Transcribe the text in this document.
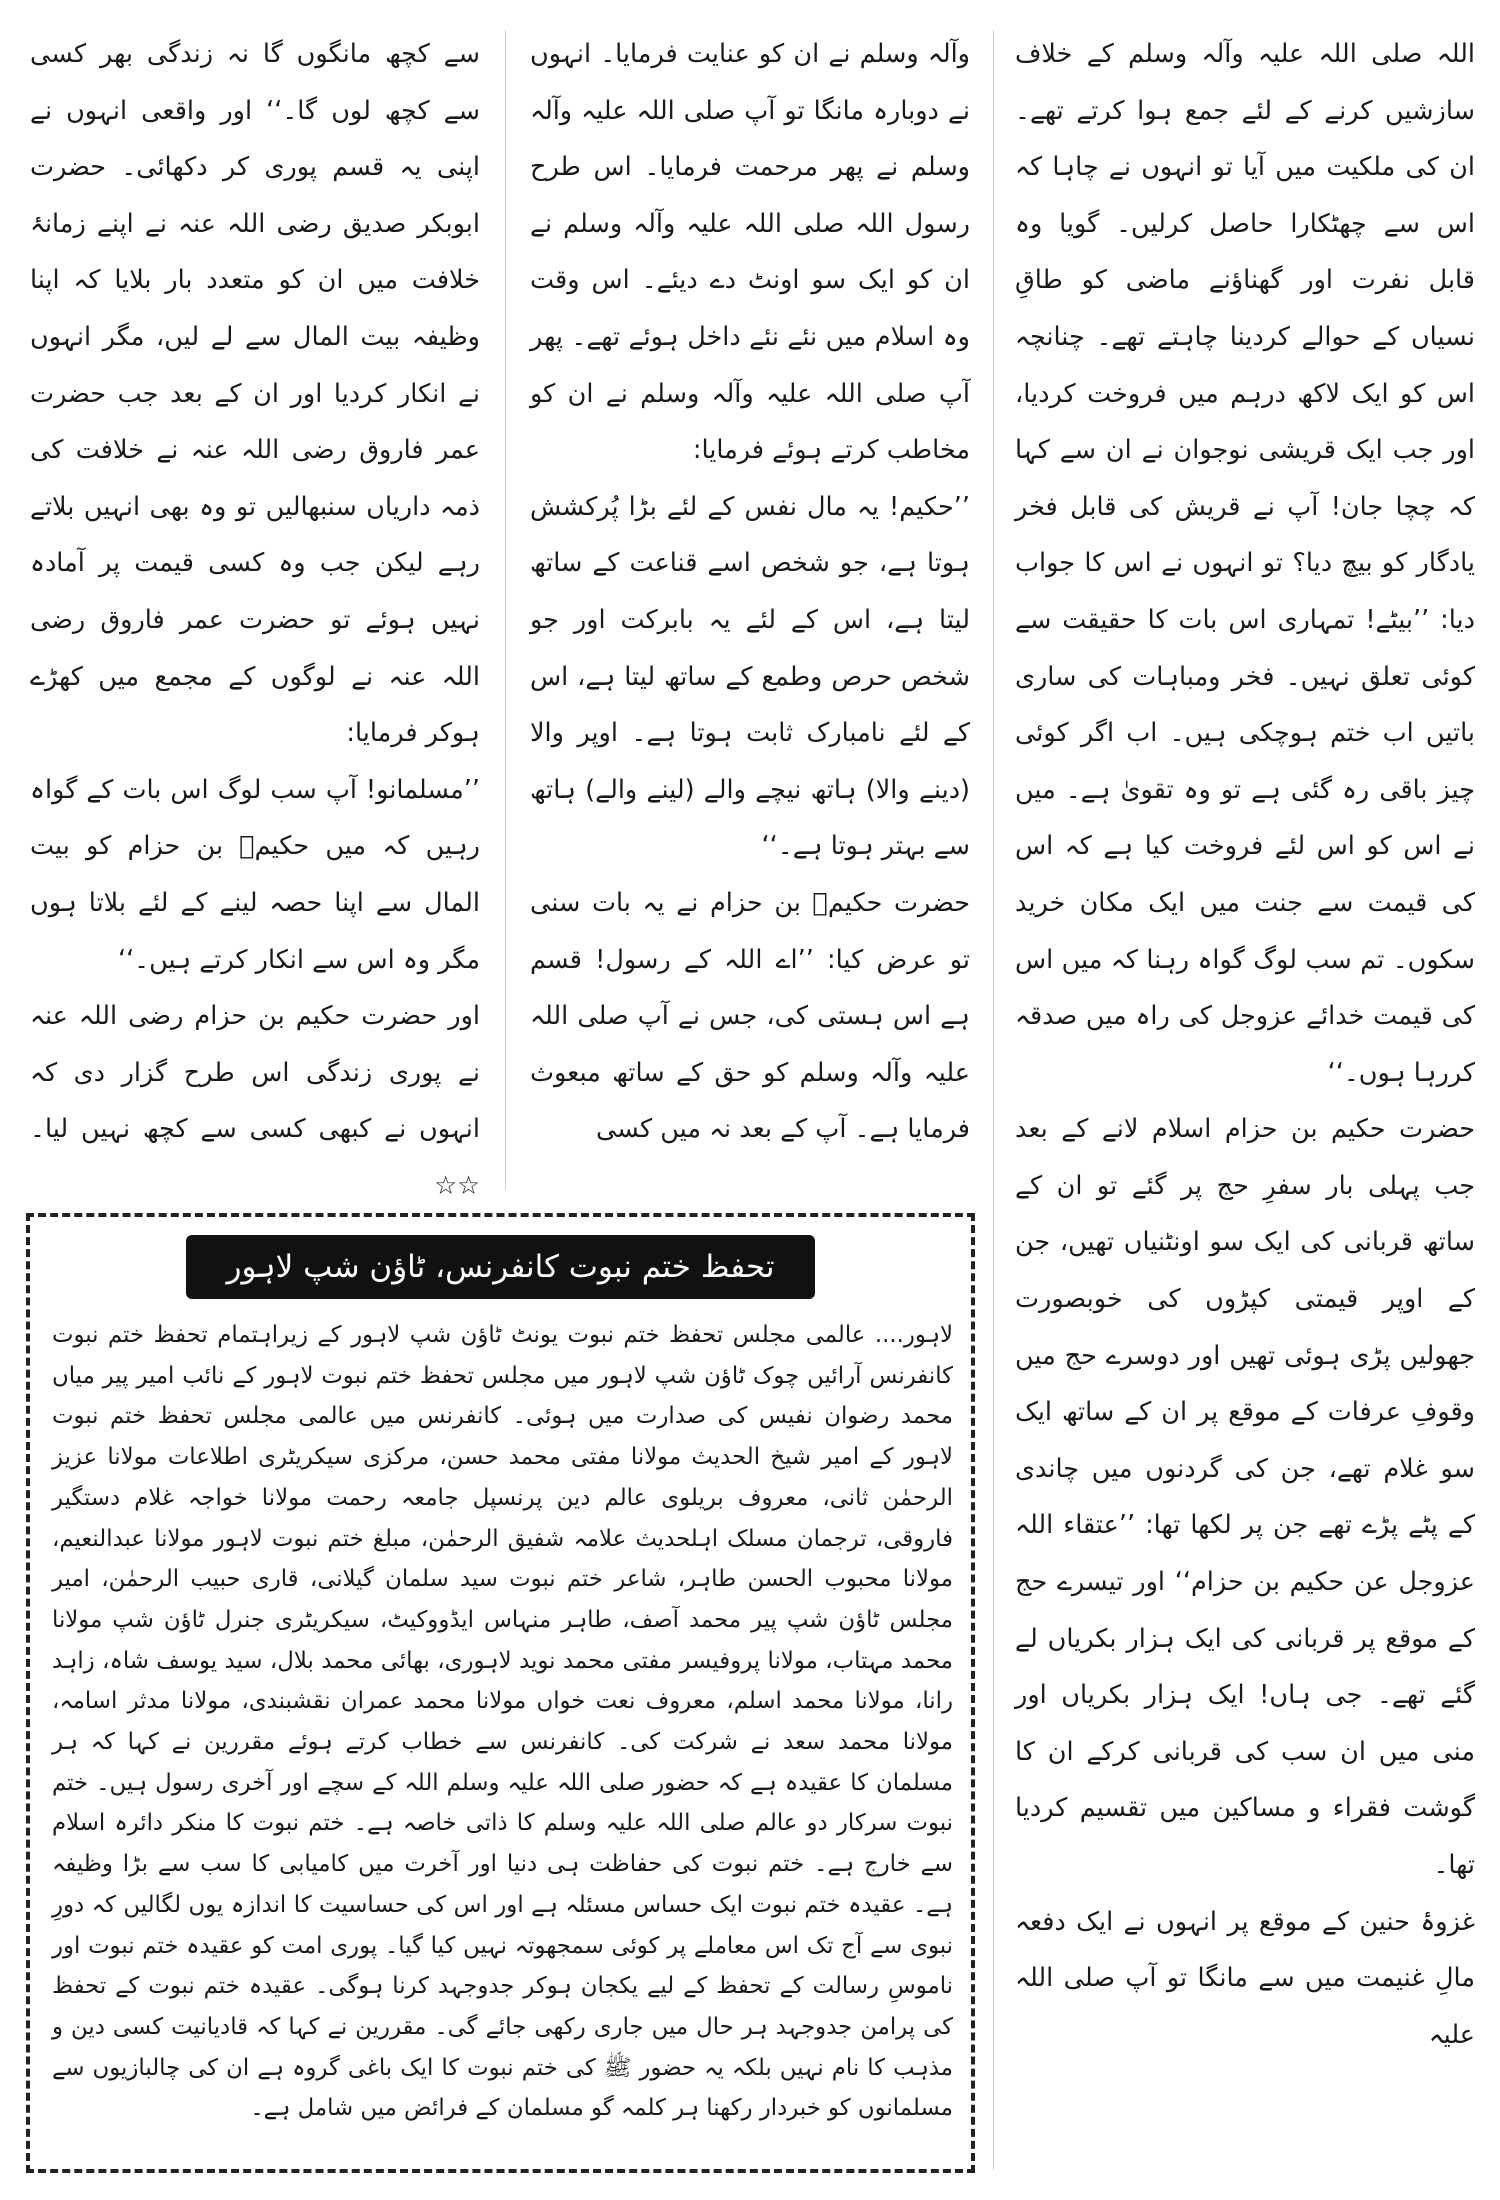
اللہ صلی اللہ علیہ وآلہ وسلم کے خلاف سازشیں کرنے کے لئے جمع ہوا کرتے تھے۔ ان کی ملکیت میں آیا تو انہوں نے چاہا کہ اس سے چھٹکارا حاصل کرلیں۔ گویا وہ قابل نفرت اور گھناؤنے ماضی کو طاقِ نسیاں کے حوالے کردینا چاہتے تھے۔ چنانچہ اس کو ایک لاکھ درہم میں فروخت کردیا، اور جب ایک قریشی نوجوان نے ان سے کہا کہ چچا جان! آپ نے قریش کی قابل فخر یادگار کو بیچ دیا؟ تو انہوں نے اس کا جواب دیا: ’’بیٹے! تمہاری اس بات کا حقیقت سے کوئی تعلق نہیں۔ فخر ومباہات کی ساری باتیں اب ختم ہوچکی ہیں۔ اب اگر کوئی چیز باقی رہ گئی ہے تو وہ تقویٰ ہے۔ میں نے اس کو اس لئے فروخت کیا ہے کہ اس کی قیمت سے جنت میں ایک مکان خرید سکوں۔ تم سب لوگ گواہ رہنا کہ میں اس کی قیمت خدائے عزوجل کی راہ میں صدقہ کررہا ہوں۔‘‘

حضرت حکیم بن حزام اسلام لانے کے بعد جب پہلی بار سفرِ حج پر گئے تو ان کے ساتھ قربانی کی ایک سو اونٹنیاں تھیں، جن کے اوپر قیمتی کپڑوں کی خوبصورت جھولیں پڑی ہوئی تھیں اور دوسرے حج میں وقوفِ عرفات کے موقع پر ان کے ساتھ ایک سو غلام تھے، جن کی گردنوں میں چاندی کے پٹے پڑے تھے جن پر لکھا تھا: ’’عتقاء اللہ عزوجل عن حکیم بن حزام‘‘ اور تیسرے حج کے موقع پر قربانی کی ایک ہزار بکریاں لے گئے تھے۔ جی ہاں! ایک ہزار بکریاں اور منی میں ان سب کی قربانی کرکے ان کا گوشت فقراء و مساکین میں تقسیم کردیا تھا۔

غزوۂ حنین کے موقع پر انہوں نے ایک دفعہ مالِ غنیمت میں سے مانگا تو آپ صلی اللہ علیہ

وآلہ وسلم نے ان کو عنایت فرمایا۔ انہوں نے دوبارہ مانگا تو آپ صلی اللہ علیہ وآلہ وسلم نے پھر مرحمت فرمایا۔ اس طرح رسول اللہ صلی اللہ علیہ وآلہ وسلم نے ان کو ایک سو اونٹ دے دیئے۔ اس وقت وہ اسلام میں نئے نئے داخل ہوئے تھے۔ پھر آپ صلی اللہ علیہ وآلہ وسلم نے ان کو مخاطب کرتے ہوئے فرمایا:

’’حکیم! یہ مال نفس کے لئے بڑا پُرکشش ہوتا ہے، جو شخص اسے قناعت کے ساتھ لیتا ہے، اس کے لئے یہ بابرکت اور جو شخص حرص وطمع کے ساتھ لیتا ہے، اس کے لئے نامبارک ثابت ہوتا ہے۔ اوپر والا (دینے والا) ہاتھ نیچے والے (لینے والے) ہاتھ سے بہتر ہوتا ہے۔‘‘

حضرت حکیمؓ بن حزام نے یہ بات سنی تو عرض کیا: ’’اے اللہ کے رسول! قسم ہے اس ہستی کی، جس نے آپ صلی اللہ علیہ وآلہ وسلم کو حق کے ساتھ مبعوث فرمایا ہے۔ آپ کے بعد نہ میں کسی

سے کچھ مانگوں گا نہ زندگی بھر کسی سے کچھ لوں گا۔‘‘ اور واقعی انہوں نے اپنی یہ قسم پوری کر دکھائی۔ حضرت ابوبکر صدیق رضی اللہ عنہ نے اپنے زمانۂ خلافت میں ان کو متعدد بار بلایا کہ اپنا وظیفہ بیت المال سے لے لیں، مگر انہوں نے انکار کردیا اور ان کے بعد جب حضرت عمر فاروق رضی اللہ عنہ نے خلافت کی ذمہ داریاں سنبھالیں تو وہ بھی انہیں بلاتے رہے لیکن جب وہ کسی قیمت پر آمادہ نہیں ہوئے تو حضرت عمر فاروق رضی اللہ عنہ نے لوگوں کے مجمع میں کھڑے ہوکر فرمایا:

’’مسلمانو! آپ سب لوگ اس بات کے گواہ رہیں کہ میں حکیمؓ بن حزام کو بیت المال سے اپنا حصہ لینے کے لئے بلاتا ہوں مگر وہ اس سے انکار کرتے ہیں۔‘‘

اور حضرت حکیم بن حزام رضی اللہ عنہ نے پوری زندگی اس طرح گزار دی کہ انہوں نے کبھی کسی سے کچھ نہیں لیا۔☆☆

تحفظ ختم نبوت کانفرنس، ٹاؤن شپ لاہور

لاہور.... عالمی مجلس تحفظ ختم نبوت یونٹ ٹاؤن شپ لاہور کے زیراہتمام تحفظ ختم نبوت کانفرنس آرائیں چوک ٹاؤن شپ لاہور میں مجلس تحفظ ختم نبوت لاہور کے نائب امیر پیر میاں محمد رضوان نفیس کی صدارت میں ہوئی۔ کانفرنس میں عالمی مجلس تحفظ ختم نبوت لاہور کے امیر شیخ الحدیث مولانا مفتی محمد حسن، مرکزی سیکریٹری اطلاعات مولانا عزیز الرحمٰن ثانی، معروف بریلوی عالم دین پرنسپل جامعہ رحمت مولانا خواجہ غلام دستگیر فاروقی، ترجمان مسلک اہلحدیث علامہ شفیق الرحمٰن، مبلغ ختم نبوت لاہور مولانا عبدالنعیم، مولانا محبوب الحسن طاہر، شاعر ختم نبوت سید سلمان گیلانی، قاری حبیب الرحمٰن، امیر مجلس ٹاؤن شپ پیر محمد آصف، طاہر منہاس ایڈووکیٹ، سیکریٹری جنرل ٹاؤن شپ مولانا محمد مہتاب، مولانا پروفیسر مفتی محمد نوید لاہوری، بھائی محمد بلال، سید یوسف شاہ، زاہد رانا، مولانا محمد اسلم، معروف نعت خواں مولانا محمد عمران نقشبندی، مولانا مدثر اسامہ، مولانا محمد سعد نے شرکت کی۔ کانفرنس سے خطاب کرتے ہوئے مقررین نے کہا کہ ہر مسلمان کا عقیدہ ہے کہ حضور صلی اللہ علیہ وسلم اللہ کے سچے اور آخری رسول ہیں۔ ختم نبوت سرکار دو عالم صلی اللہ علیہ وسلم کا ذاتی خاصہ ہے۔ ختم نبوت کا منکر دائرہ اسلام سے خارج ہے۔ ختم نبوت کی حفاظت ہی دنیا اور آخرت میں کامیابی کا سب سے بڑا وظیفہ ہے۔ عقیدہ ختم نبوت ایک حساس مسئلہ ہے اور اس کی حساسیت کا اندازہ یوں لگالیں کہ دورِ نبوی سے آج تک اس معاملے پر کوئی سمجھوتہ نہیں کیا گیا۔ پوری امت کو عقیدہ ختم نبوت اور ناموسِ رسالت کے تحفظ کے لیے یکجان ہوکر جدوجہد کرنا ہوگی۔ عقیدہ ختم نبوت کے تحفظ کی پرامن جدوجہد ہر حال میں جاری رکھی جائے گی۔ مقررین نے کہا کہ قادیانیت کسی دین و مذہب کا نام نہیں بلکہ یہ حضور ﷺ کی ختم نبوت کا ایک باغی گروہ ہے ان کی چالبازیوں سے مسلمانوں کو خبردار رکھنا ہر کلمہ گو مسلمان کے فرائض میں شامل ہے۔
